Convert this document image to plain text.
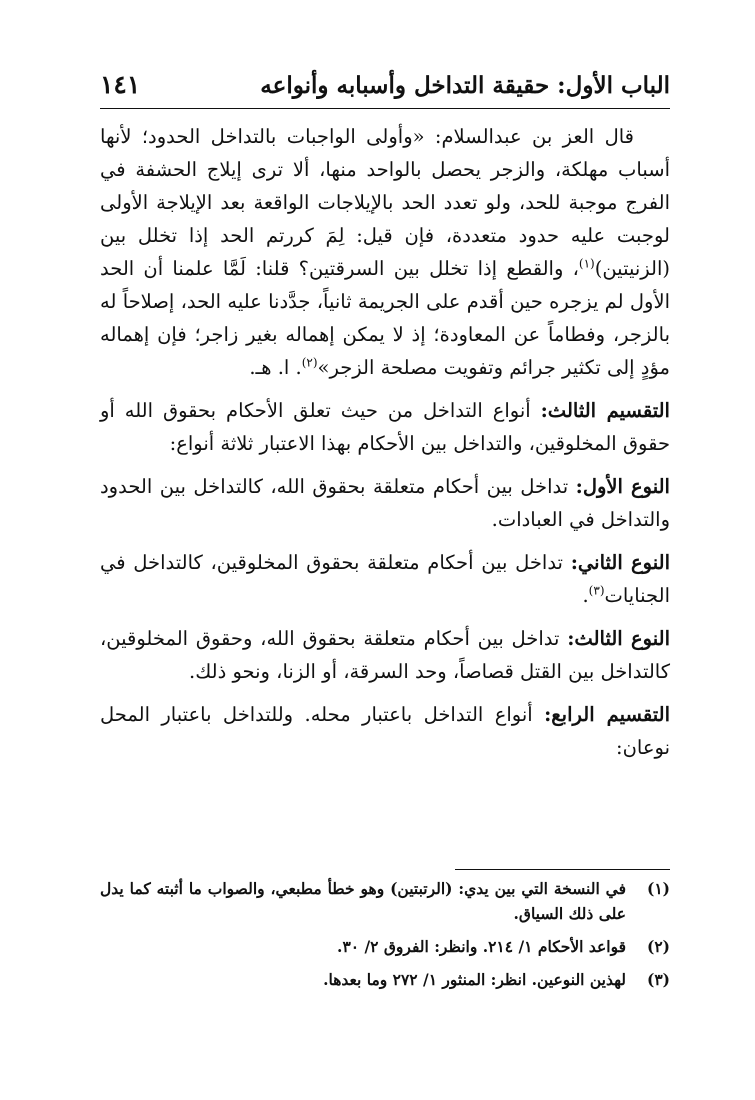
الباب الأول: حقيقة التداخل وأسبابه وأنواعه
١٤١

قال العز بن عبدالسلام: «وأولى الواجبات بالتداخل الحدود؛ لأنها أسباب مهلكة، والزجر يحصل بالواحد منها، ألا ترى إيلاج الحشفة في الفرج موجبة للحد، ولو تعدد الحد بالإيلاجات الواقعة بعد الإيلاجة الأولى لوجبت عليه حدود متعددة، فإن قيل: لِمَ كررتم الحد إذا تخلل بين (الزنيتين)$^{(١)}$، والقطع إذا تخلل بين السرقتين؟ قلنا: لَمَّا علمنا أن الحد الأول لم يزجره حين أقدم على الجريمة ثانياً، جدَّدنا عليه الحد، إصلاحاً له بالزجر، وفطاماً عن المعاودة؛ إذ لا يمكن إهماله بغير زاجر؛ فإن إهماله مؤدٍ إلى تكثير جرائم وتفويت مصلحة الزجر»$^{(٢)}$. ا. هـ.

التقسيم الثالث: أنواع التداخل من حيث تعلق الأحكام بحقوق الله أو حقوق المخلوقين، والتداخل بين الأحكام بهذا الاعتبار ثلاثة أنواع:

النوع الأول: تداخل بين أحكام متعلقة بحقوق الله، كالتداخل بين الحدود والتداخل في العبادات.

النوع الثاني: تداخل بين أحكام متعلقة بحقوق المخلوقين، كالتداخل في الجنايات$^{(٣)}$.

النوع الثالث: تداخل بين أحكام متعلقة بحقوق الله، وحقوق المخلوقين، كالتداخل بين القتل قصاصاً، وحد السرقة، أو الزنا، ونحو ذلك.

التقسيم الرابع: أنواع التداخل باعتبار محله. وللتداخل باعتبار المحل نوعان:

(١)
في النسخة التي بين يدي: (الرتبتين) وهو خطأ مطبعي، والصواب ما أثبته كما يدل على ذلك السياق.
(٢)
قواعد الأحكام ١/ ٢١٤. وانظر: الفروق ٢/ ٣٠.
(٣)
لهذين النوعين. انظر: المنثور ١/ ٢٧٢ وما بعدها.
